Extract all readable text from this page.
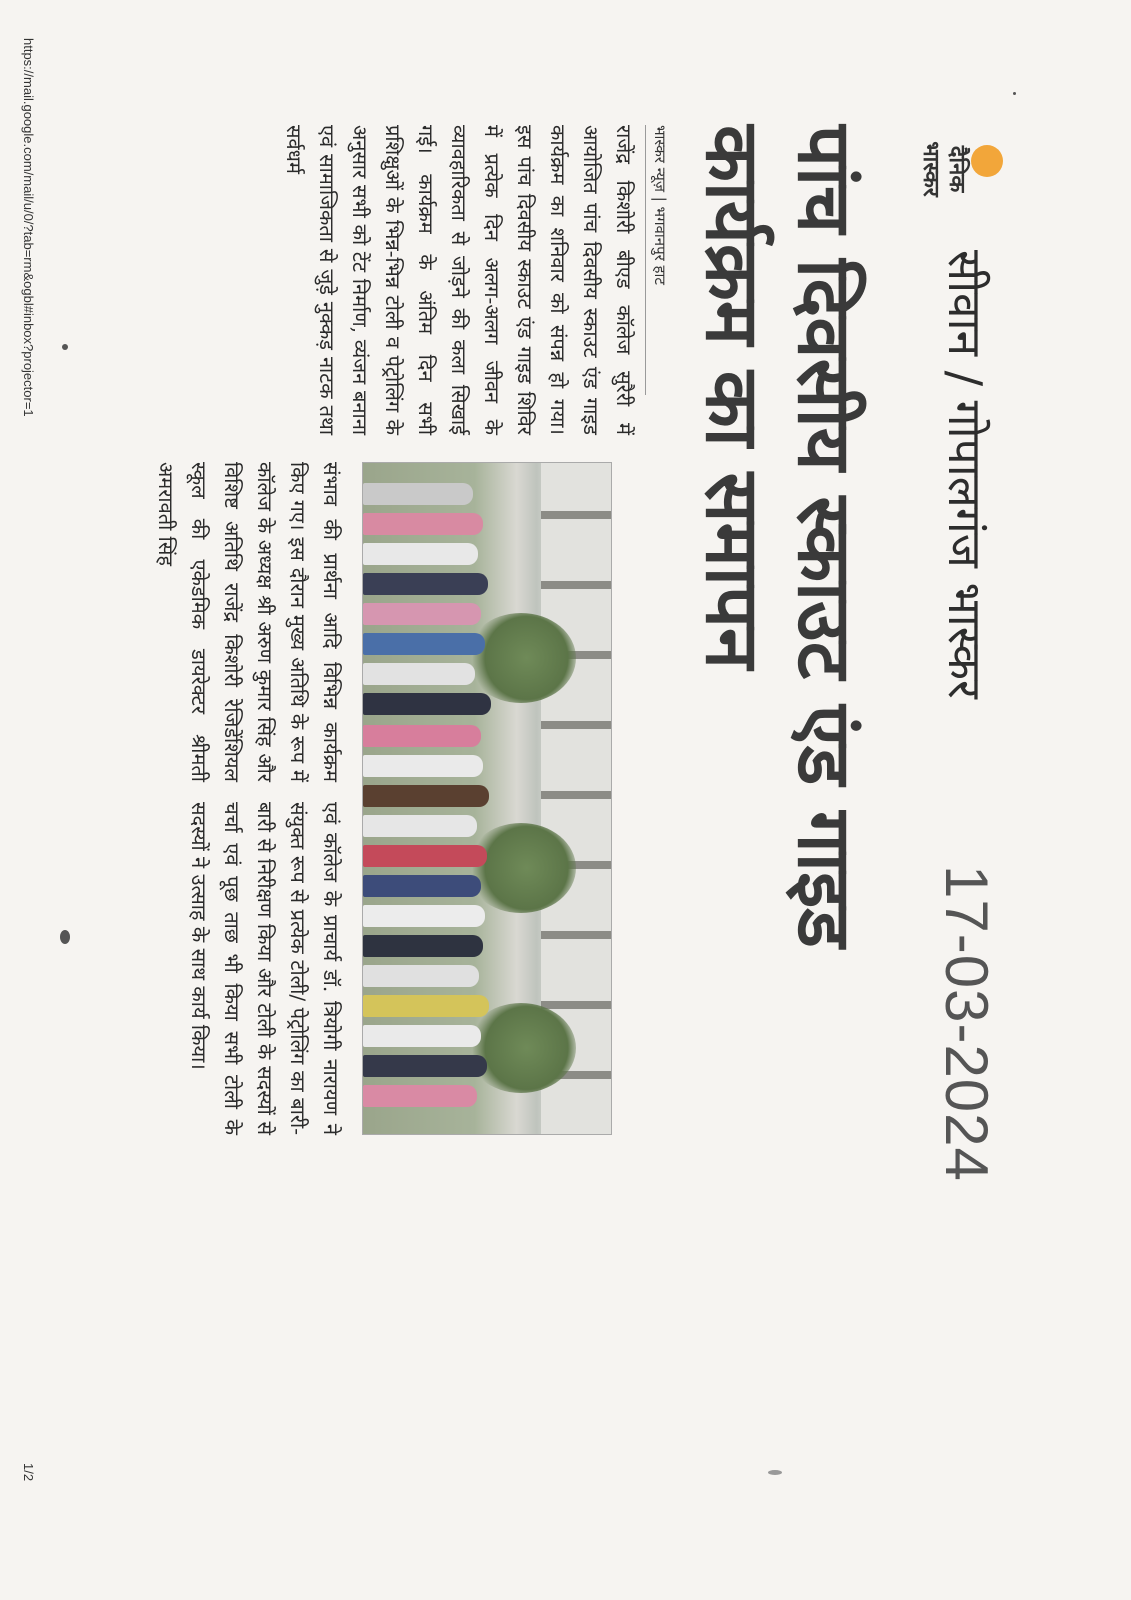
https://mail.google.com/mail/u/0/?tab=rm&ogbl#inbox?projector=1
1/2
दैनिक
भास्कर
सीवान / गोपालगंज भास्कर
17-03-2024
पांच दिवसीय स्काउट एंड गाइड कार्यक्रम का समापन
भास्कर न्यूज़ | भगवानपुर हाट
राजेंद्र किशोरी बीएड कॉलेज सुरैरी में आयोजित पांच दिवसीय स्काउट एंड गाइड कार्यक्रम का शनिवार को संपन्न हो गया। इस पांच दिवसीय स्काउट एंड गाइड शिविर में प्रत्येक दिन अलग-अलग जीवन के व्यावहारिकता से जोड़ने की कला सिखाई गई। कार्यक्रम के अंतिम दिन सभी प्रशिक्षुओं के भिन्न-भिन्न टोली व पेट्रोलिंग के अनुसार सभी को टेंट निर्माण, व्यंजन बनाना एवं सामाजिकता से जुड़े नुक्कड़ नाटक तथा सर्वधर्म
संभाव की प्रार्थना आदि विभिन्न कार्यक्रम किए गए। इस दौरान मुख्य अतिथि के रूप में कॉलेज के अध्यक्ष श्री अरुण कुमार सिंह और विशिष्ट अतिथि राजेंद्र किशोरी रेजिडेंशियल स्कूल की एकेडमिक डायरेक्टर श्रीमती अमरावती सिंह
एवं कॉलेज के प्राचार्य डॉ. त्रियोगी नारायण ने संयुक्त रूप से प्रत्येक टोली/ पेट्रोलिंग का बारी-बारी से निरीक्षण किया और टोली के सदस्यों से चर्चा एवं पूछ ताछ भी किया सभी टोली के सदस्यों ने उत्साह के साथ कार्य किया।
